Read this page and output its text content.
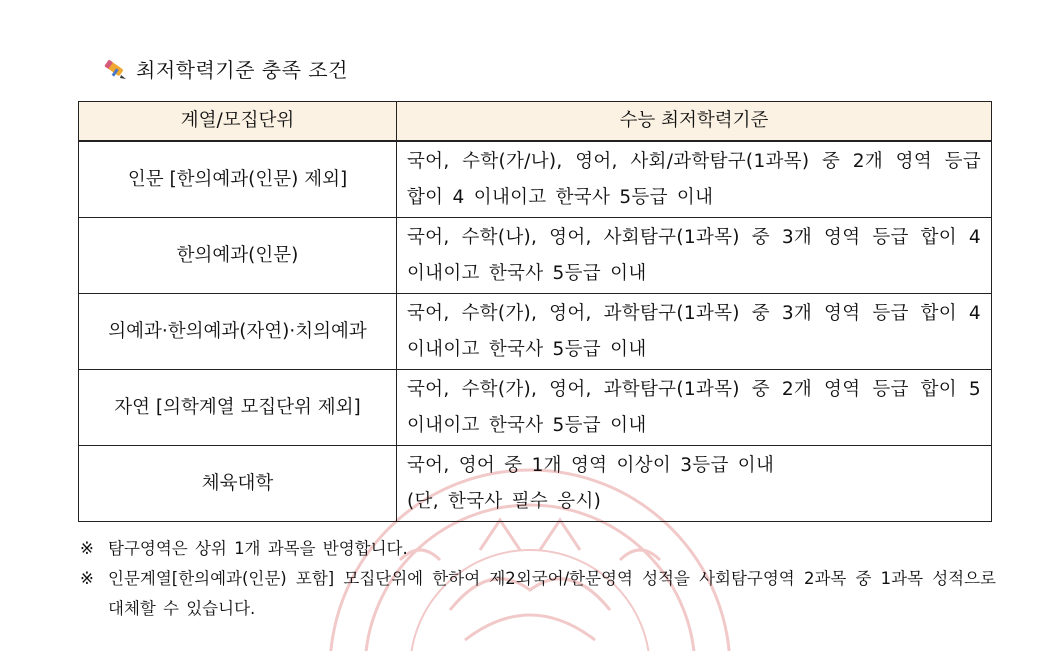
최저학력기준 충족 조건
계열/모집단위	수능 최저학력기준
인문 [한의예과(인문) 제외]	국어, 수학(가/나), 영어, 사회/과학탐구(1과목) 중 2개 영역 등급 합이 4 이내이고 한국사 5등급 이내
한의예과(인문)	국어, 수학(나), 영어, 사회탐구(1과목) 중 3개 영역 등급 합이 4 이내이고 한국사 5등급 이내
의예과·한의예과(자연)·치의예과	국어, 수학(가), 영어, 과학탐구(1과목) 중 3개 영역 등급 합이 4 이내이고 한국사 5등급 이내
자연 [의학계열 모집단위 제외]	국어, 수학(가), 영어, 과학탐구(1과목) 중 2개 영역 등급 합이 5 이내이고 한국사 5등급 이내
체육대학	국어, 영어 중 1개 영역 이상이 3등급 이내
(단, 한국사 필수 응시)
※ 탐구영역은 상위 1개 과목을 반영합니다.
※ 인문계열[한의예과(인문) 포함] 모집단위에 한하여 제2외국어/한문영역 성적을 사회탐구영역 2과목 중 1과목 성적으로 대체할 수 있습니다.
